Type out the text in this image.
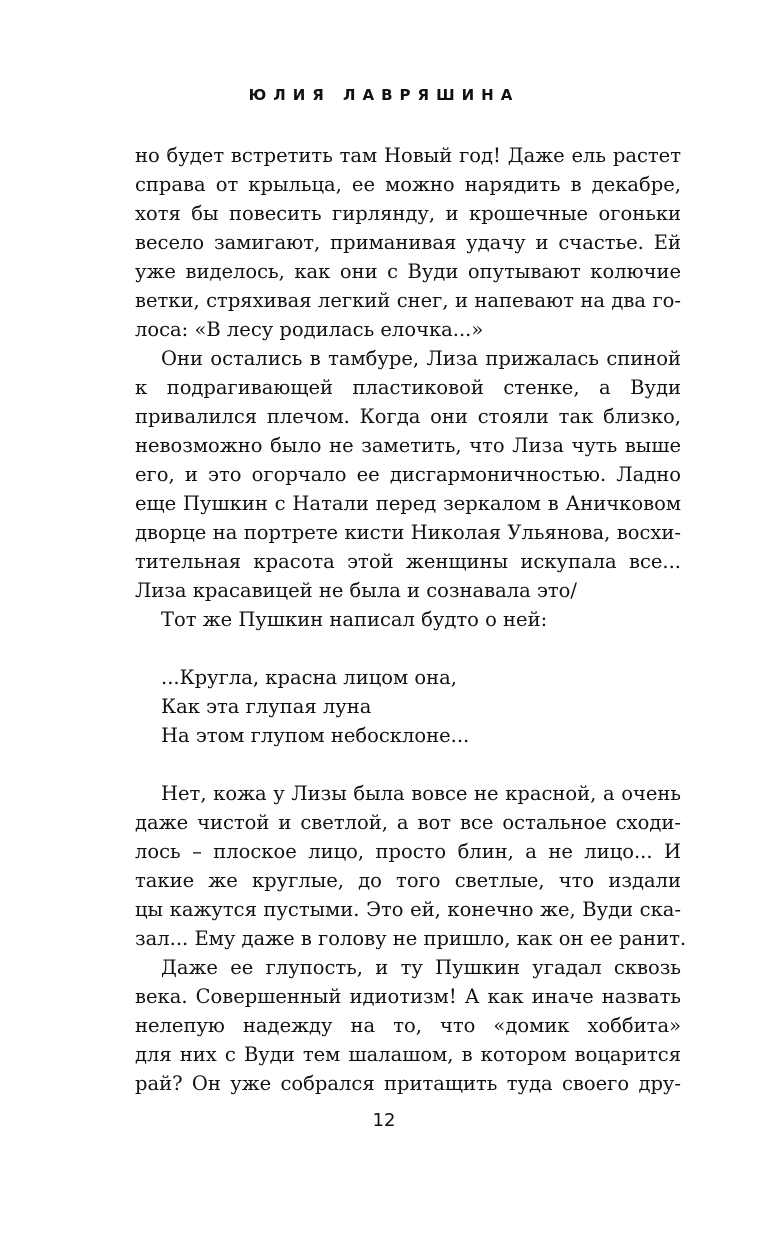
ЮЛИЯ ЛАВРЯШИНА
но будет встретить там Новый год! Даже ель растет
справа от крыльца, ее можно нарядить в декабре,
хотя бы повесить гирлянду, и крошечные огоньки
весело замигают, приманивая удачу и счастье. Ей
уже виделось, как они с Вуди опутывают колючие
ветки, стряхивая легкий снег, и напевают на два го-
лоса: «В лесу родилась елочка...»
Они остались в тамбуре, Лиза прижалась спиной
к подрагивающей пластиковой стенке, а Вуди
привалился плечом. Когда они стояли так близко,
невозможно было не заметить, что Лиза чуть выше
его, и это огорчало ее дисгармоничностью. Ладно
еще Пушкин с Натали перед зеркалом в Аничковом
дворце на портрете кисти Николая Ульянова, восхи-
тительная красота этой женщины искупала все...
Лиза красавицей не была и сознавала это/
Тот же Пушкин написал будто о ней:
...Кругла, красна лицом она,
Как эта глупая луна
На этом глупом небосклоне...
Нет, кожа у Лизы была вовсе не красной, а очень
даже чистой и светлой, а вот все остальное сходи-
лось – плоское лицо, просто блин, а не лицо... И
такие же круглые, до того светлые, что издали
цы кажутся пустыми. Это ей, конечно же, Вуди ска-
зал... Ему даже в голову не пришло, как он ее ранит.
Даже ее глупость, и ту Пушкин угадал сквозь
века. Совершенный идиотизм! А как иначе назвать
нелепую надежду на то, что «домик хоббита»
для них с Вуди тем шалашом, в котором воцарится
рай? Он уже собрался притащить туда своего дру-
12
